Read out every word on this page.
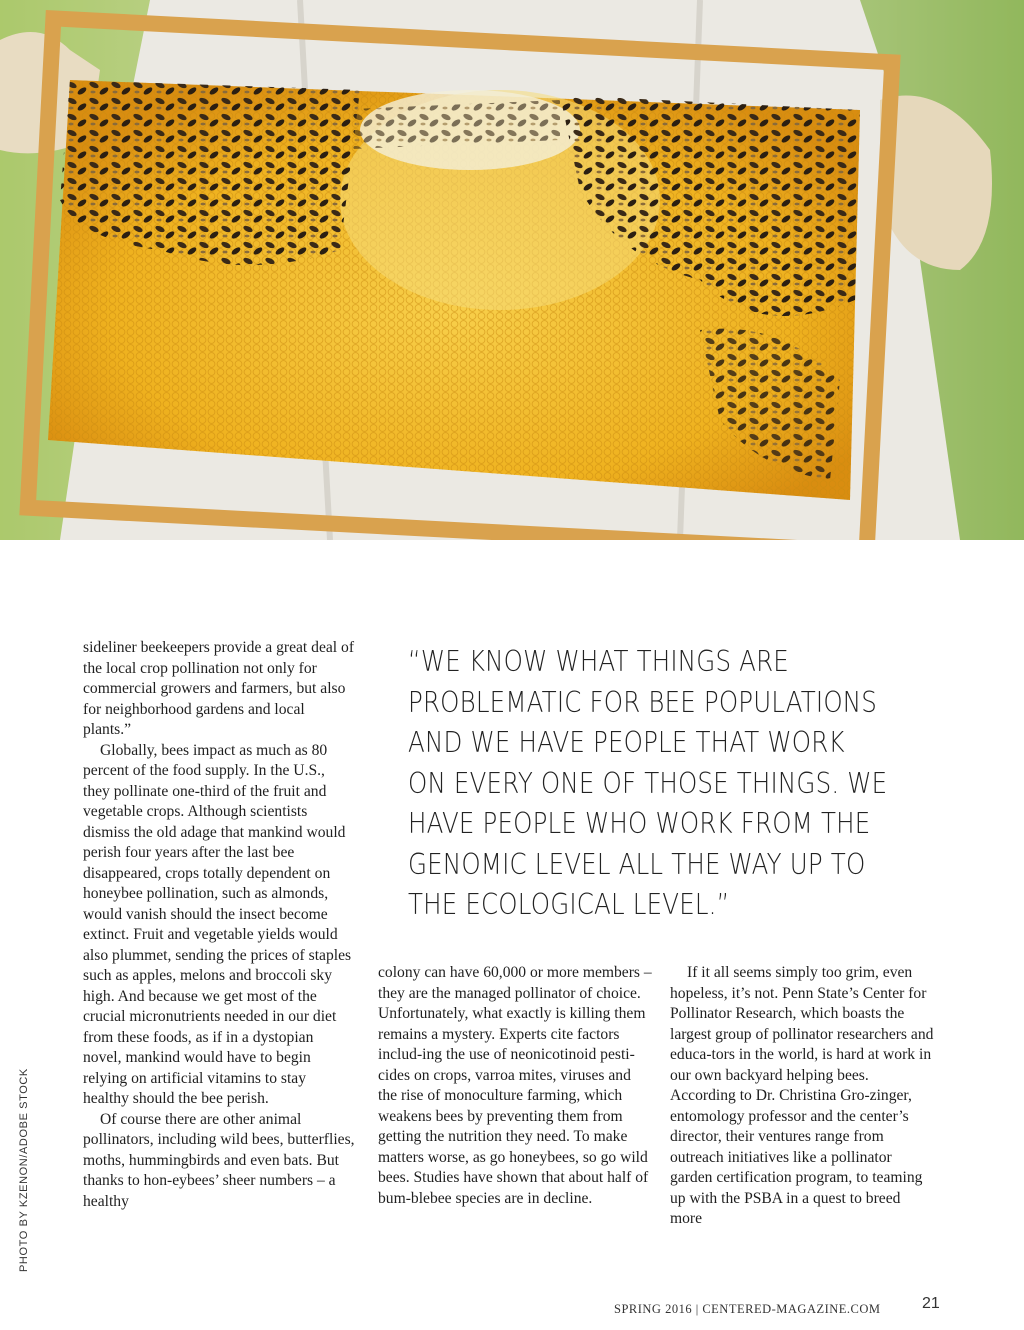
PHOTO BY KZENON/ADOBE STOCK

sideliner beekeepers provide a great deal of the local crop pollination not only for commercial growers and farmers, but also for neighborhood gardens and local plants.”

Globally, bees impact as much as 80 percent of the food supply. In the U.S., they pollinate one-third of the fruit and vegetable crops. Although scientists dismiss the old adage that mankind would perish four years after the last bee disappeared, crops totally dependent on honeybee pollination, such as almonds, would vanish should the insect become extinct. Fruit and vegetable yields would also plummet, sending the prices of staples such as apples, melons and broccoli sky high. And because we get most of the crucial micronutrients needed in our diet from these foods, as if in a dystopian novel, mankind would have to begin relying on artificial vitamins to stay healthy should the bee perish.

Of course there are other animal pollinators, including wild bees, butterflies, moths, hummingbirds and even bats. But thanks to hon-eybees’ sheer numbers – a healthy

“WE KNOW WHAT THINGS ARE
PROBLEMATIC FOR BEE POPULATIONS
AND WE HAVE PEOPLE THAT WORK
ON EVERY ONE OF THOSE THINGS. WE
HAVE PEOPLE WHO WORK FROM THE
GENOMIC LEVEL ALL THE WAY UP TO
THE ECOLOGICAL LEVEL.”

colony can have 60,000 or more members – they are the managed pollinator of choice. Unfortunately, what exactly is killing them remains a mystery. Experts cite factors includ-ing the use of neonicotinoid pesti-cides on crops, varroa mites, viruses and the rise of monoculture farming, which weakens bees by preventing them from getting the nutrition they need. To make matters worse, as go honeybees, so go wild bees. Studies have shown that about half of bum-blebee species are in decline.

If it all seems simply too grim, even hopeless, it’s not. Penn State’s Center for Pollinator Research, which boasts the largest group of pollinator researchers and educa-tors in the world, is hard at work in our own backyard helping bees. According to Dr. Christina Gro-zinger, entomology professor and the center’s director, their ventures range from outreach initiatives like a pollinator garden certification program, to teaming up with the PSBA in a quest to breed more

SPRING 2016 | CENTERED-MAGAZINE.COM	21
